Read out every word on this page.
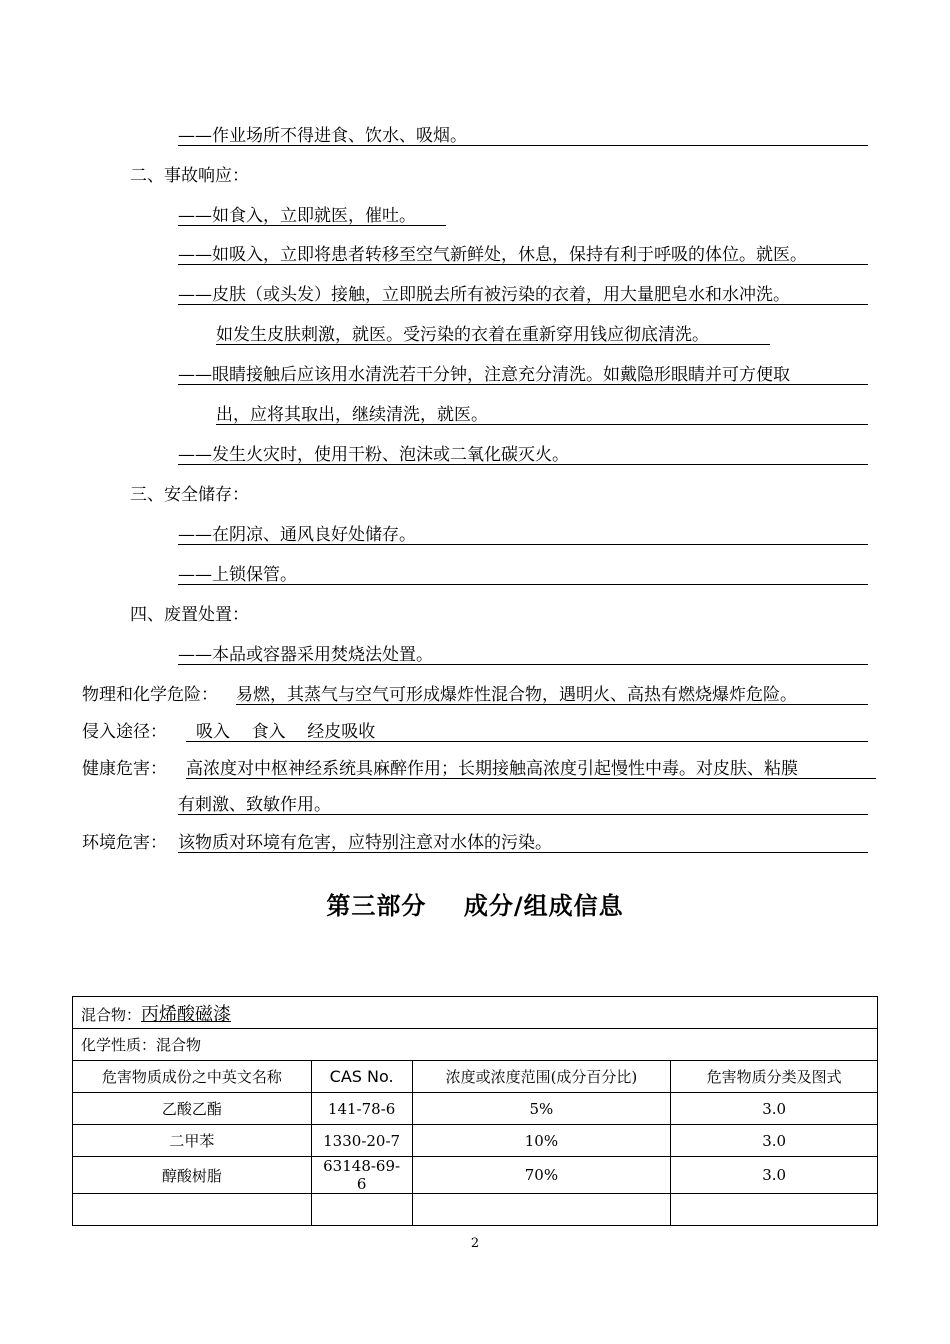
——作业场所不得进食、饮水、吸烟。
二、事故响应：
——如食入，立即就医，催吐。
——如吸入，立即将患者转移至空气新鲜处，休息，保持有利于呼吸的体位。就医。
——皮肤（或头发）接触，立即脱去所有被污染的衣着，用大量肥皂水和水冲洗。
如发生皮肤刺激，就医。受污染的衣着在重新穿用钱应彻底清洗。
——眼睛接触后应该用水清洗若干分钟，注意充分清洗。如戴隐形眼睛并可方便取
出，应将其取出，继续清洗，就医。
——发生火灾时，使用干粉、泡沫或二氧化碳灭火。
三、安全储存：
——在阴凉、通风良好处储存。
——上锁保管。
四、废置处置：
——本品或容器采用焚烧法处置。
物理和化学危险： 易燃，其蒸气与空气可形成爆炸性混合物，遇明火、高热有燃烧爆炸危险。
侵入途径： 吸入    食入    经皮吸收
健康危害： 高浓度对中枢神经系统具麻醉作用；长期接触高浓度引起慢性中毒。对皮肤、粘膜
有刺激、致敏作用。
环境危害： 该物质对环境有危害，应特别注意对水体的污染。
第三部分    成分/组成信息
混合物：丙烯酸磁漆			
化学性质：混合物			
危害物质成份之中英文名称	CAS No.	浓度或浓度范围(成分百分比)	危害物质分类及图式
乙酸乙酯	141-78-6	5%	3.0
二甲苯	1330-20-7	10%	3.0
醇酸树脂	63148-69-6	70%	3.0

2
